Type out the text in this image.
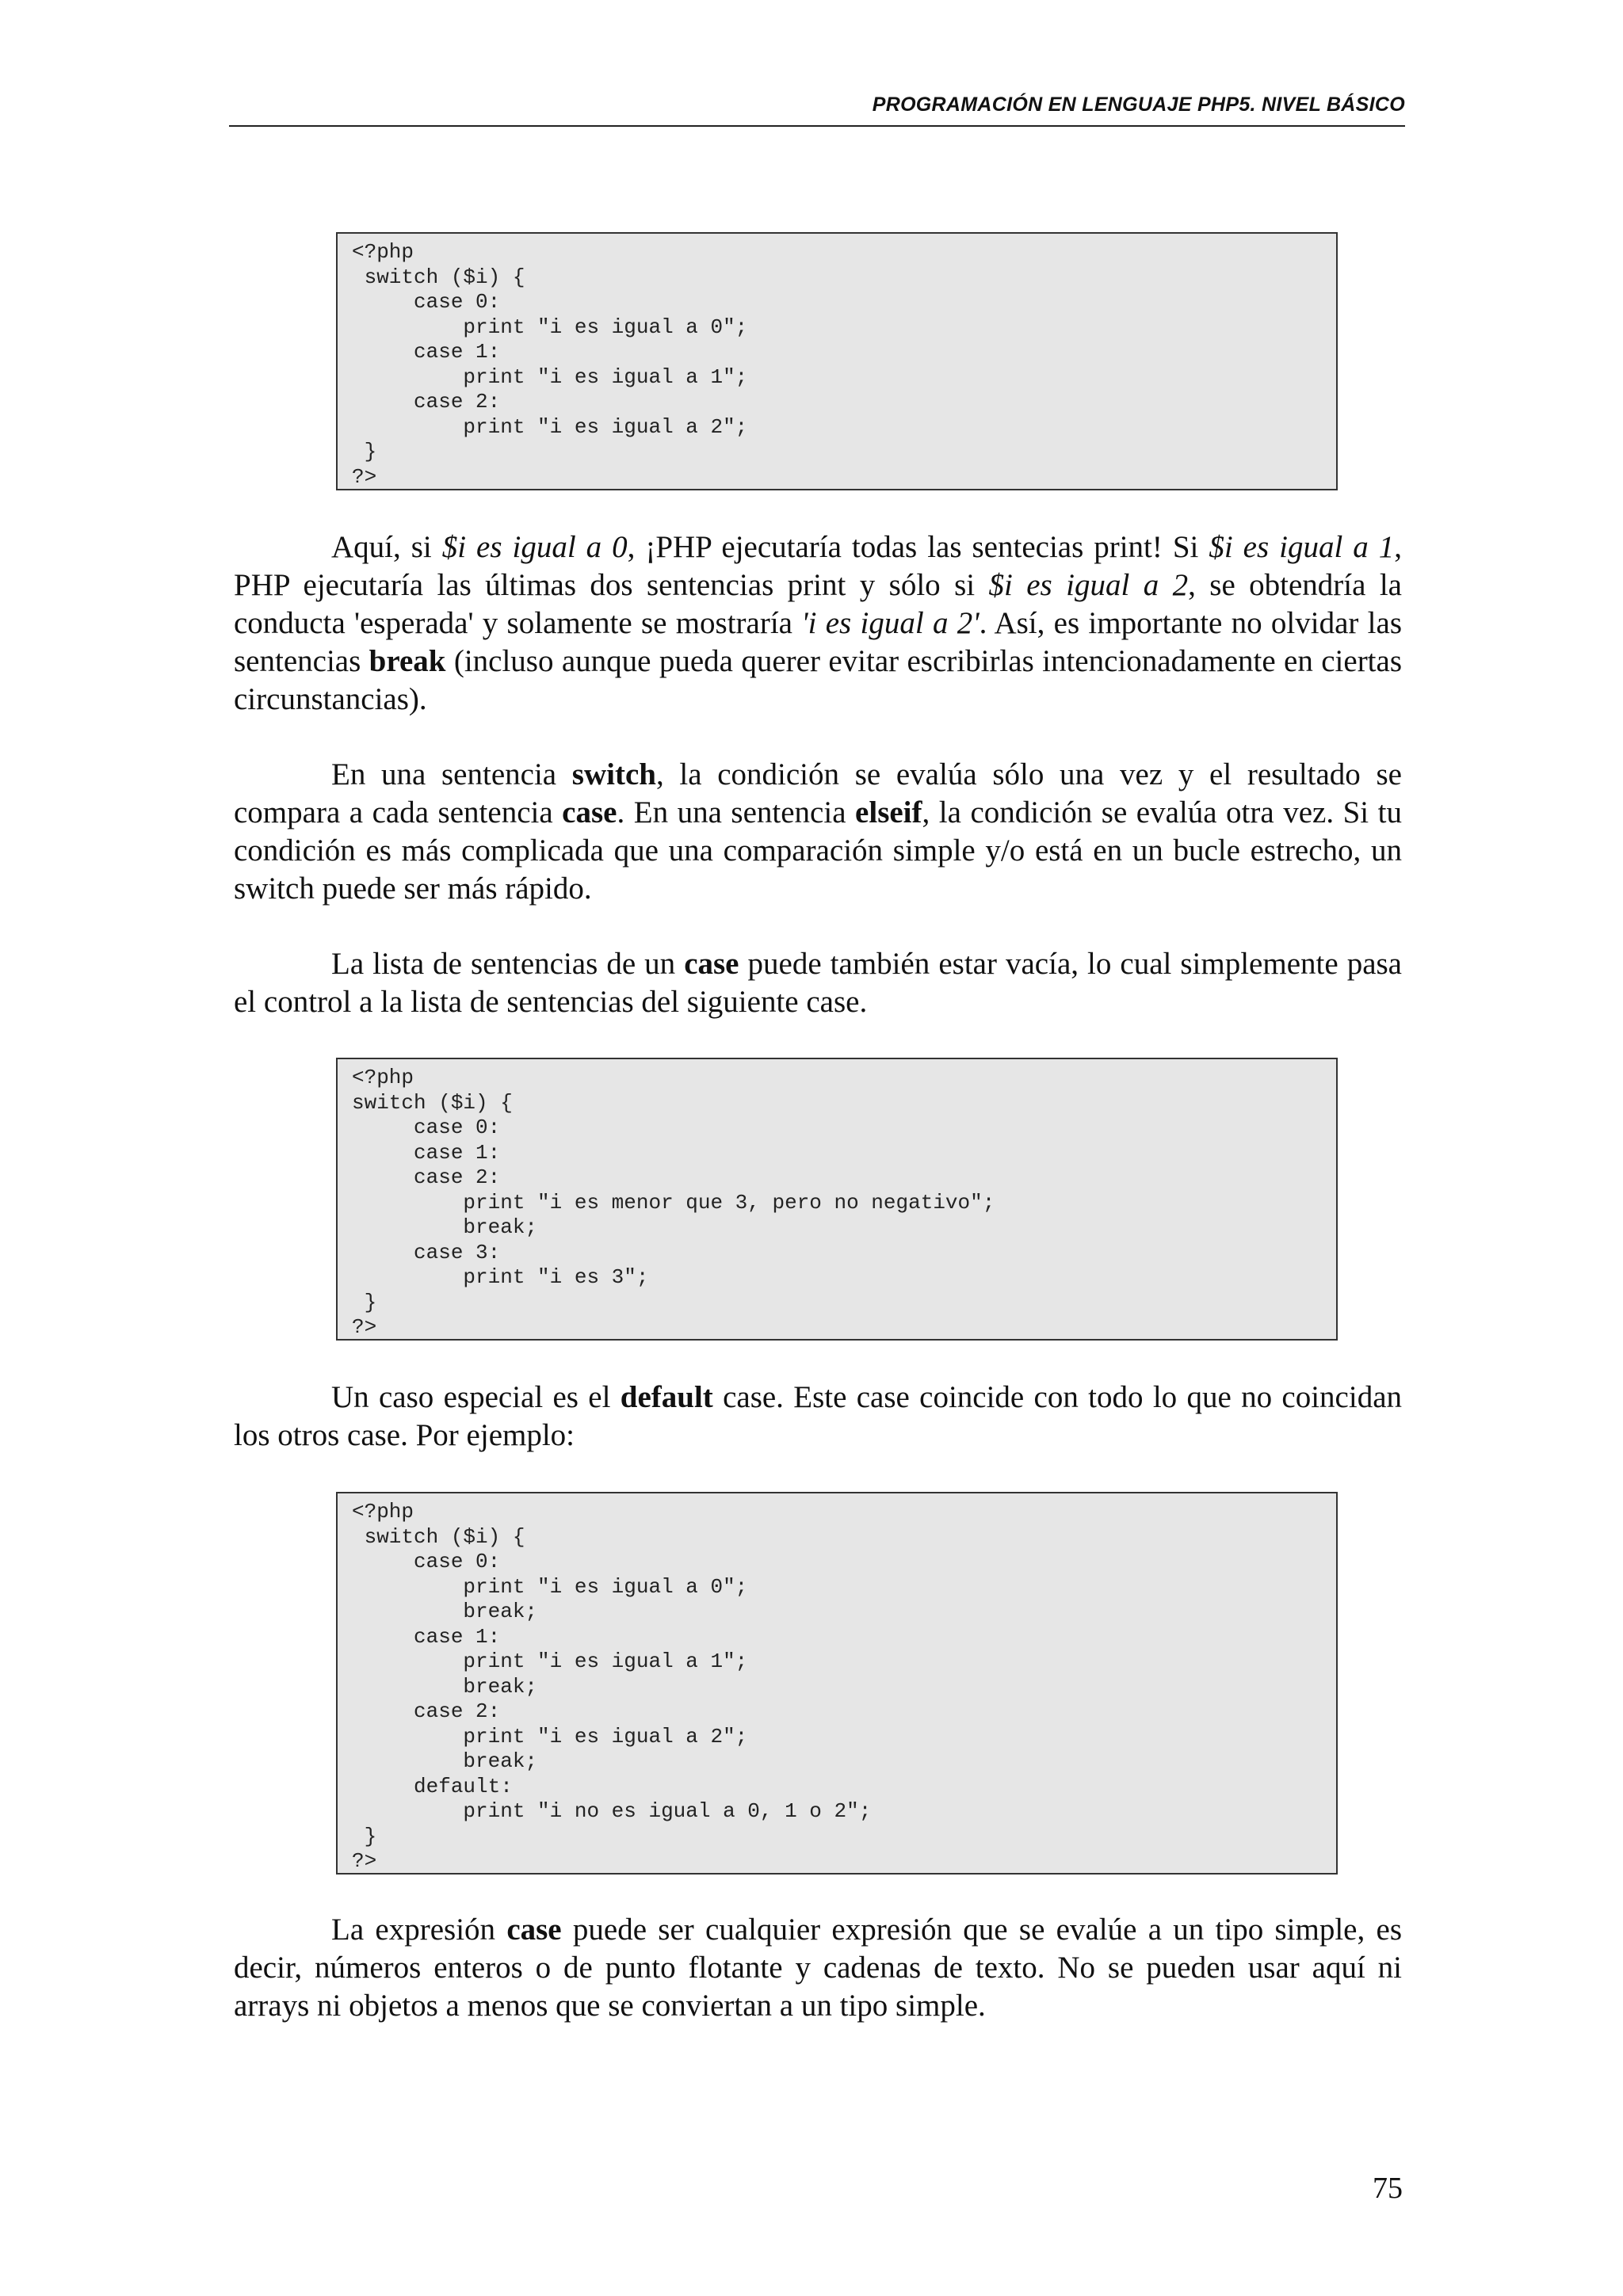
PROGRAMACIÓN EN LENGUAJE PHP5. NIVEL BÁSICO
<?php
switch ($i) {
case 0:
print "i es igual a 0";
case 1:
print "i es igual a 1";
case 2:
print "i es igual a 2";
}
?>

Aquí, si $i es igual a 0, ¡PHP ejecutaría todas las sentecias print! Si $i es igual a 1, PHP ejecutaría las últimas dos sentencias print y sólo si $i es igual a 2, se obtendría la conducta 'esperada' y solamente se mostraría 'i es igual a 2'. Así, es importante no olvidar las sentencias break (incluso aunque pueda querer evitar escribirlas intencionadamente en ciertas circunstancias).

En una sentencia switch, la condición se evalúa sólo una vez y el resultado se compara a cada sentencia case. En una sentencia elseif, la condición se evalúa otra vez. Si tu condición es más complicada que una comparación simple y/o está en un bucle estrecho, un switch puede ser más rápido.

La lista de sentencias de un case puede también estar vacía, lo cual simplemente pasa el control a la lista de sentencias del siguiente case.

<?php
switch ($i) {
case 0:
case 1:
case 2:
print "i es menor que 3, pero no negativo";
break;
case 3:
print "i es 3";
}
?>

Un caso especial es el default case. Este case coincide con todo lo que no coincidan los otros case. Por ejemplo:

<?php
switch ($i) {
case 0:
print "i es igual a 0";
break;
case 1:
print "i es igual a 1";
break;
case 2:
print "i es igual a 2";
break;
default:
print "i no es igual a 0, 1 o 2";
}
?>

La expresión case puede ser cualquier expresión que se evalúe a un tipo simple, es decir, números enteros o de punto flotante y cadenas de texto. No se pueden usar aquí ni arrays ni objetos a menos que se conviertan a un tipo simple.

75
